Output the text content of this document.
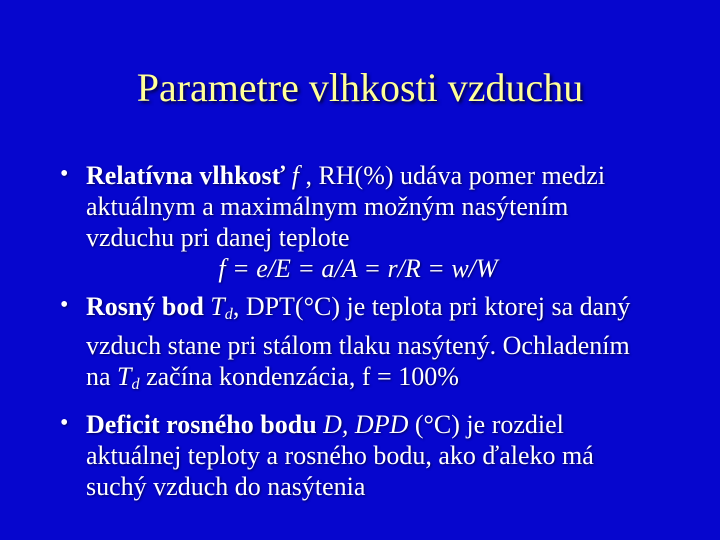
Parametre vlhkosti vzduchu
• Relatívna vlhkosť f , RH(%) udáva pomer medzi aktuálnym a maximálnym možným nasýtením vzduchu pri danej teplote
f = e/E = a/A = r/R = w/W
• Rosný bod Td, DPT(°C) je teplota pri ktorej sa daný vzduch stane pri stálom tlaku nasýtený. Ochladením na Td začína kondenzácia, f = 100%
• Deficit rosného bodu D, DPD (°C) je rozdiel aktuálnej teploty a rosného bodu, ako ďaleko má suchý vzduch do nasýtenia
